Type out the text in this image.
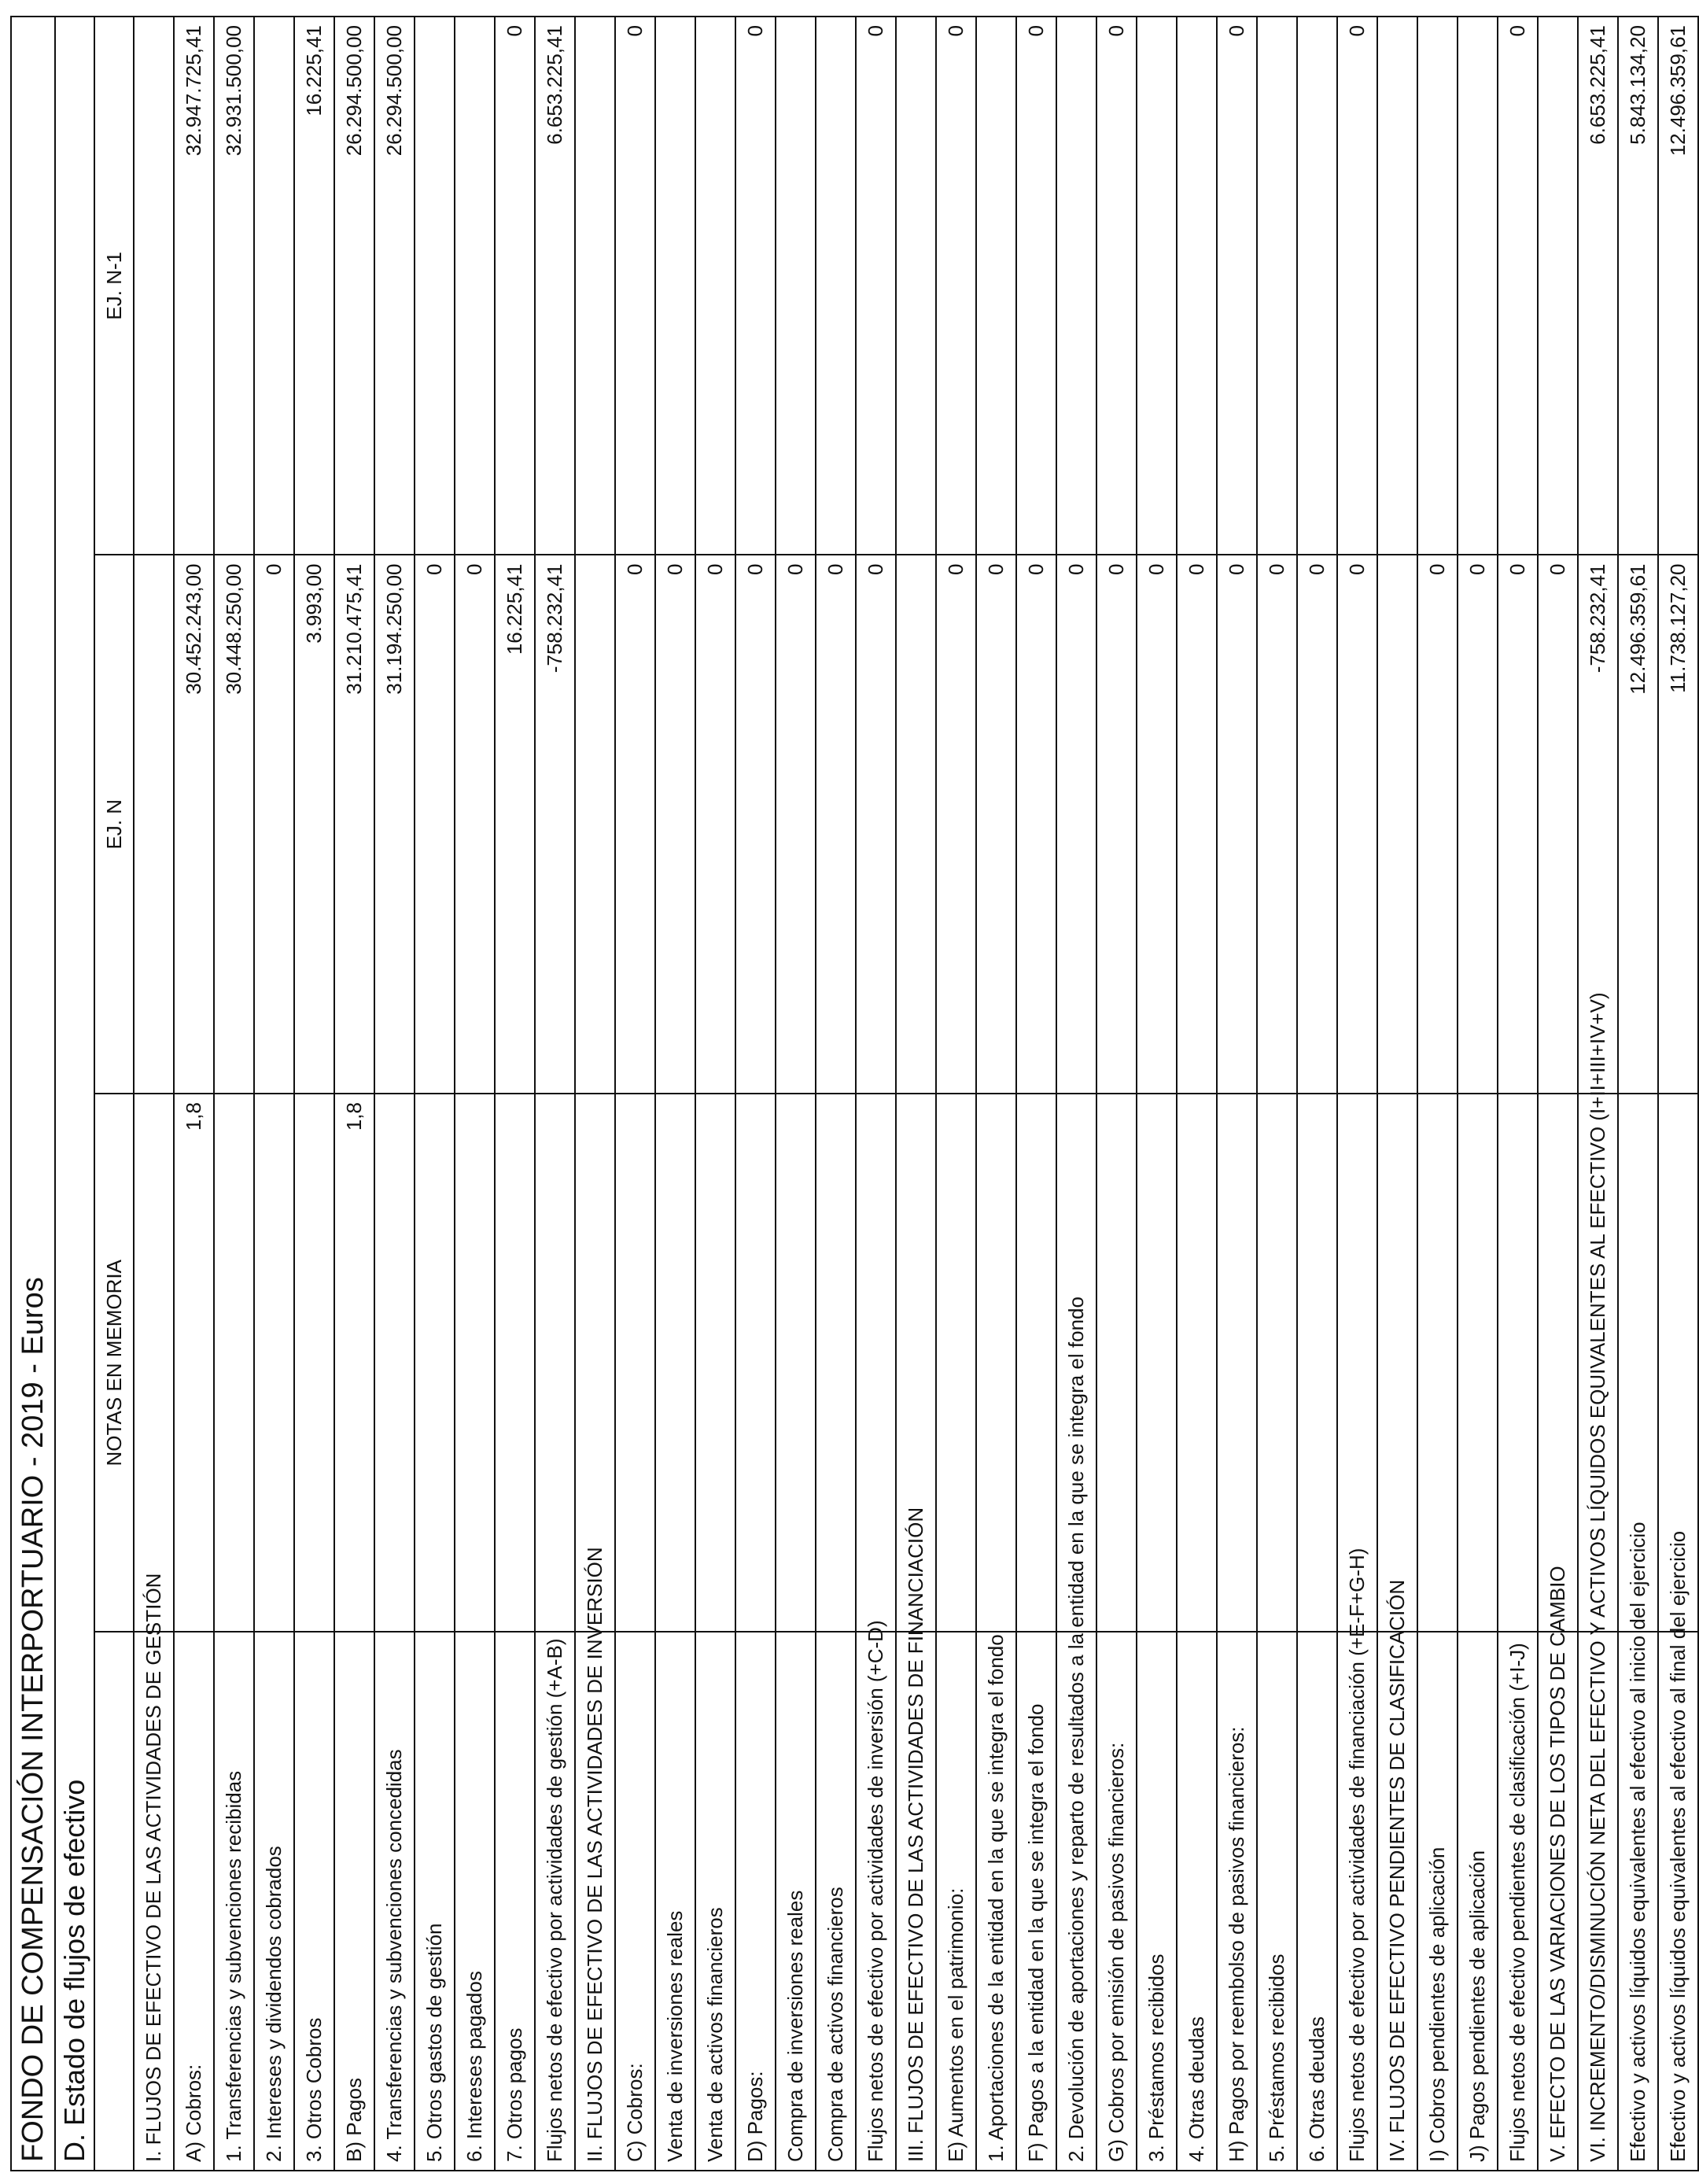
FONDO DE COMPENSACIÓN INTERPORTUARIO - 2019 - Euros			
D. Estado de flujos de efectivo			
	NOTAS EN MEMORIA	EJ. N	EJ. N-1
I. FLUJOS DE EFECTIVO DE LAS ACTIVIDADES DE GESTIÓN			
A) Cobros:	1,8	30.452.243,00	32.947.725,41
1. Transferencias y subvenciones recibidas		30.448.250,00	32.931.500,00
2. Intereses y dividendos cobrados		0	
3. Otros Cobros		3.993,00	16.225,41
B) Pagos	1,8	31.210.475,41	26.294.500,00
4. Transferencias y subvenciones concedidas		31.194.250,00	26.294.500,00
5. Otros gastos de gestión		0	
6. Intereses pagados		0	
7. Otros pagos		16.225,41	0
Flujos netos de efectivo por actividades de gestión (+A-B)		-758.232,41	6.653.225,41
II. FLUJOS DE EFECTIVO DE LAS ACTIVIDADES DE INVERSIÓN			
C) Cobros:		0	0
Venta de inversiones reales		0	
Venta de activos financieros		0	
D) Pagos:		0	0
Compra de inversiones reales		0	
Compra de activos financieros		0	
Flujos netos de efectivo por actividades de inversión (+C-D)		0	0
III. FLUJOS DE EFECTIVO DE LAS ACTIVIDADES DE FINANCIACIÓN			
E) Aumentos en el patrimonio:		0	0
1. Aportaciones de la entidad en la que se integra el fondo		0	
F) Pagos a la entidad en la que se integra el fondo		0	0
2. Devolución de aportaciones y reparto de resultados a la entidad en la que se integra el fondo		0	
G) Cobros por emisión de pasivos financieros:		0	0
3. Préstamos recibidos		0	
4. Otras deudas		0	
H) Pagos por reembolso de pasivos financieros:		0	0
5. Préstamos recibidos		0	
6. Otras deudas		0	
Flujos netos de efectivo por actividades de financiación (+E-F+G-H)		0	0
IV. FLUJOS DE EFECTIVO PENDIENTES DE CLASIFICACIÓN			
I) Cobros pendientes de aplicación		0	
J) Pagos pendientes de aplicación		0	
Flujos netos de efectivo pendientes de clasificación (+I-J)		0	0
V. EFECTO DE LAS VARIACIONES DE LOS TIPOS DE CAMBIO		0	
VI. INCREMENTO/DISMINUCIÓN NETA DEL EFECTIVO Y ACTIVOS LÍQUIDOS EQUIVALENTES AL EFECTIVO (I+II+III+IV+V)		-758.232,41	6.653.225,41
Efectivo y activos líquidos equivalentes al efectivo al inicio del ejercicio		12.496.359,61	5.843.134,20
Efectivo y activos líquidos equivalentes al efectivo al final del ejercicio		11.738.127,20	12.496.359,61
